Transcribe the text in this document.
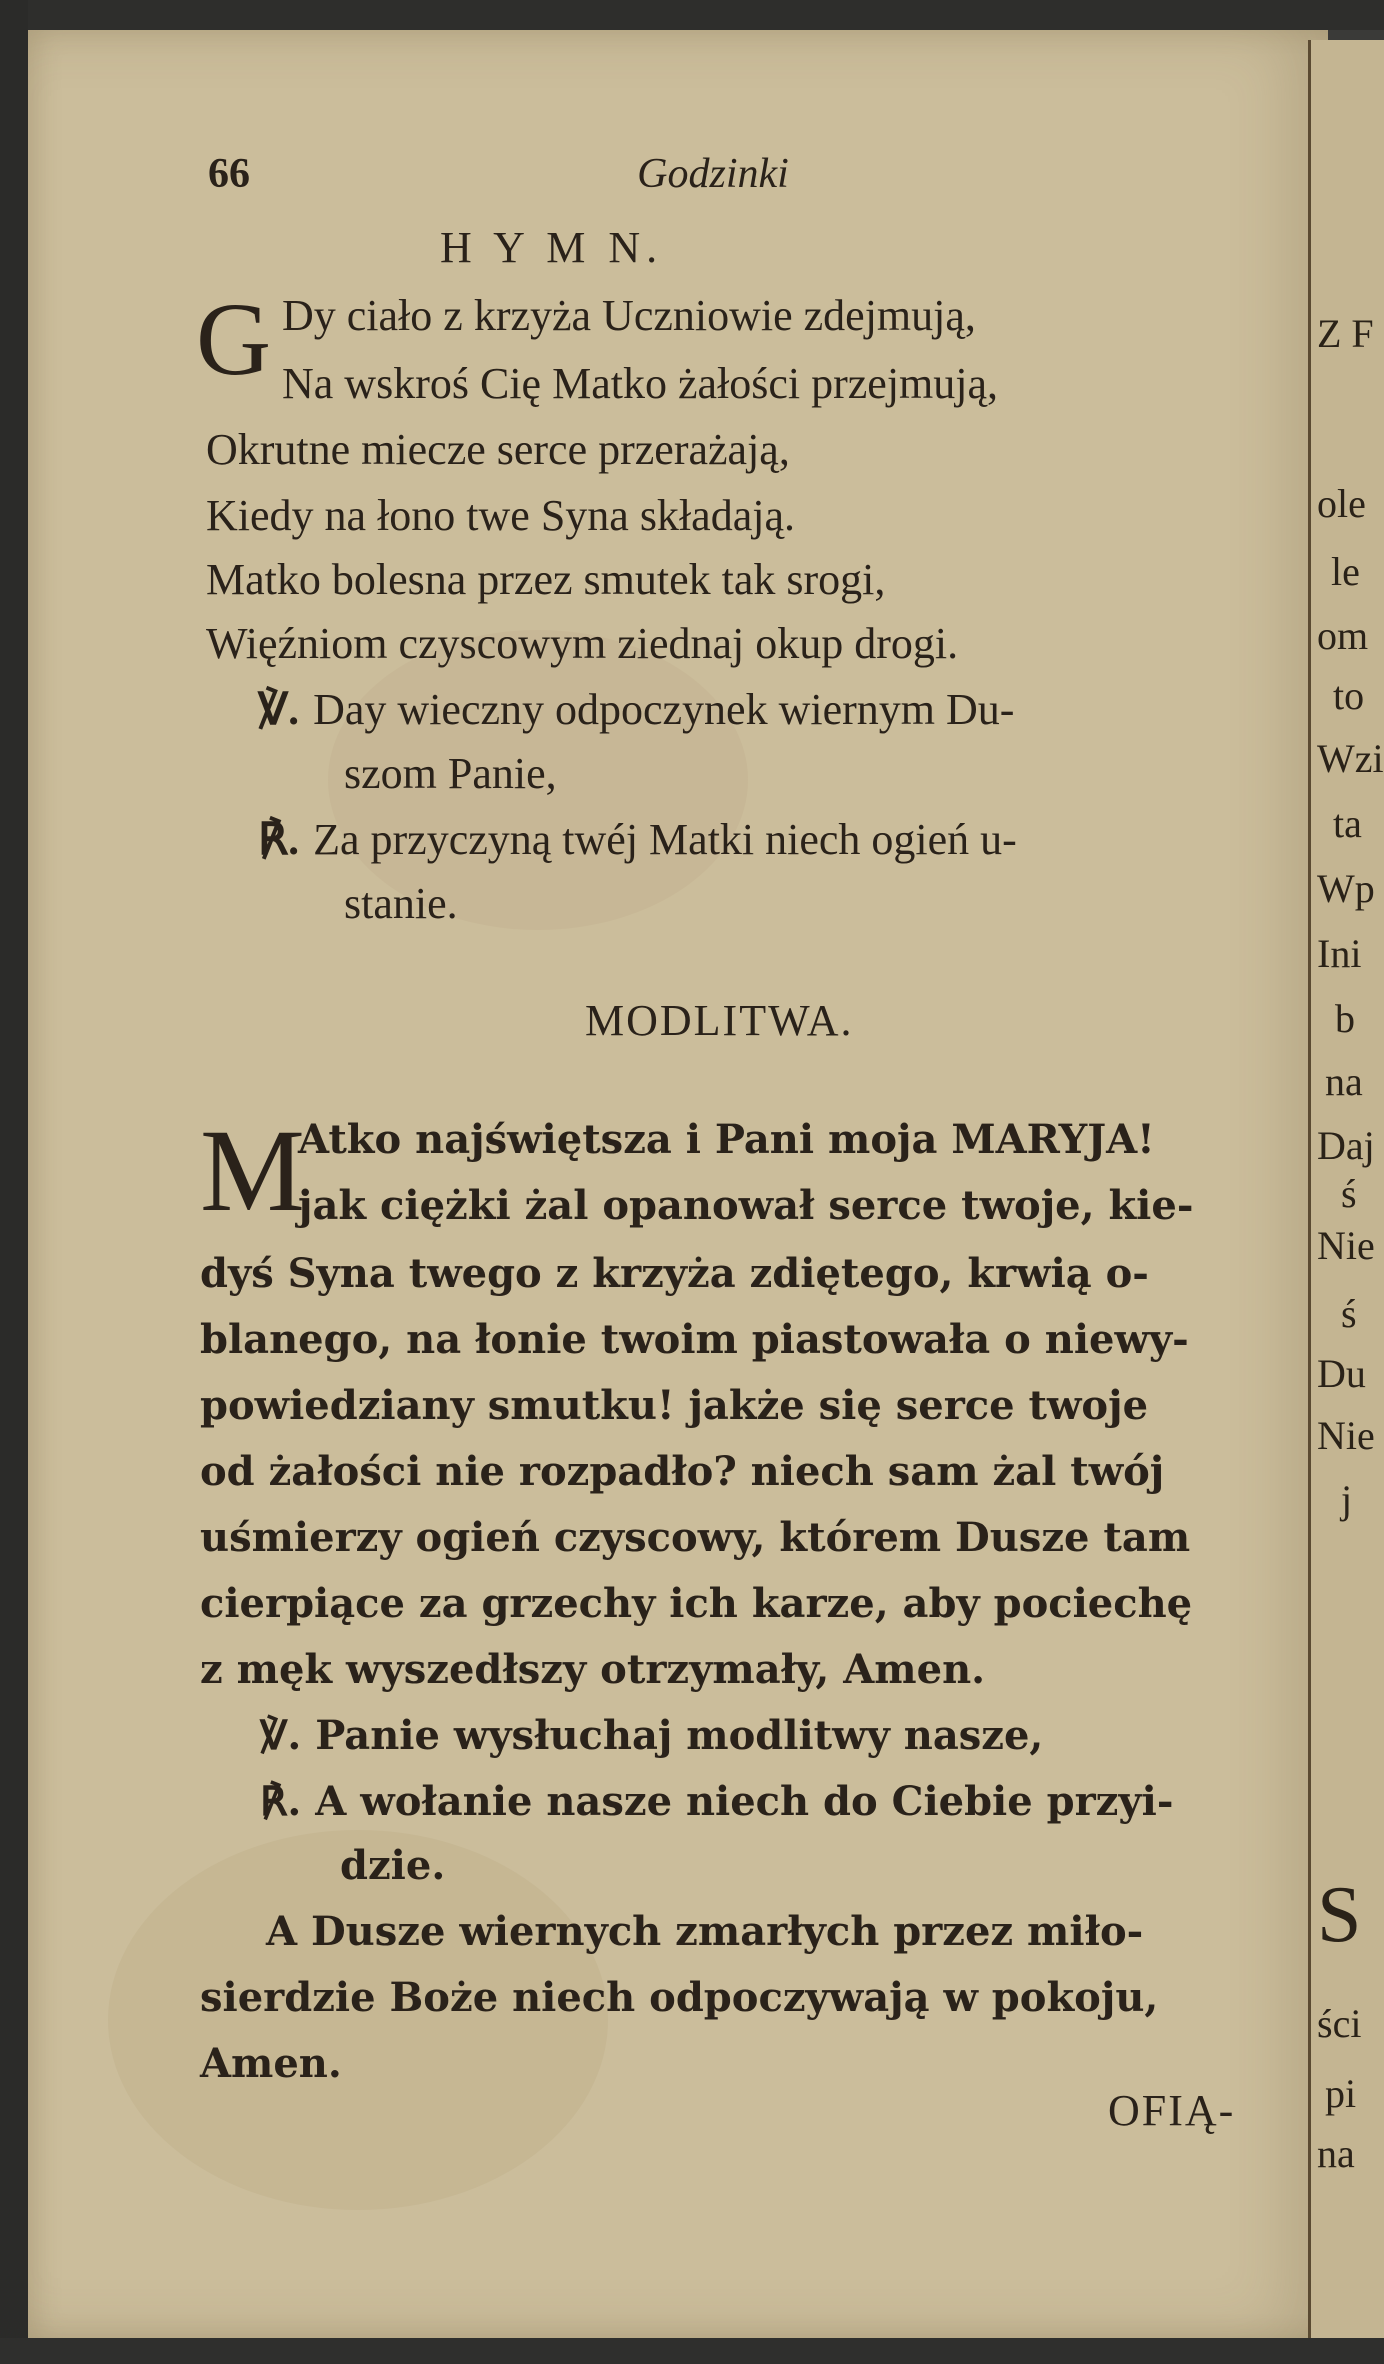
Z F
ole
le
om
to
Wzi
ta
Wp
Ini
b
na
Daj
ś
Nie
ś
Du
Nie
j
S
ści
pi
na
66	Godzinki
H Y M N.
G Dy ciało z krzyża Uczniowie zdejmują,
Na wskroś Cię Matko żałości przejmują,
Okrutne miecze serce przerażają,
Kiedy na łono twe Syna składają.
Matko bolesna przez smutek tak srogi,
Więźniom czyscowym ziednaj okup drogi.
℣. Day wieczny odpoczynek wiernym Du-
szom Panie,
℟. Za przyczyną twéj Matki niech ogień u-
stanie.
MODLITWA.
M
Atko najświętsza i Pani moja MARYJA!
jak ciężki żal opanował serce twoje, kie-
dyś Syna twego z krzyża zdiętego, krwią o-
blanego, na łonie twoim piastowała o niewy-
powiedziany smutku! jakże się serce twoje
od żałości nie rozpadło? niech sam żal twój
uśmierzy ogień czyscowy, którem Dusze tam
cierpiące za grzechy ich karze, aby pociechę
z męk wyszedłszy otrzymały, Amen.
℣. Panie wysłuchaj modlitwy nasze,
℟. A wołanie nasze niech do Ciebie przyi-
dzie.
A Dusze wiernych zmarłych przez miło-
sierdzie Boże niech odpoczywają w pokoju,
Amen.
OFIĄ-
